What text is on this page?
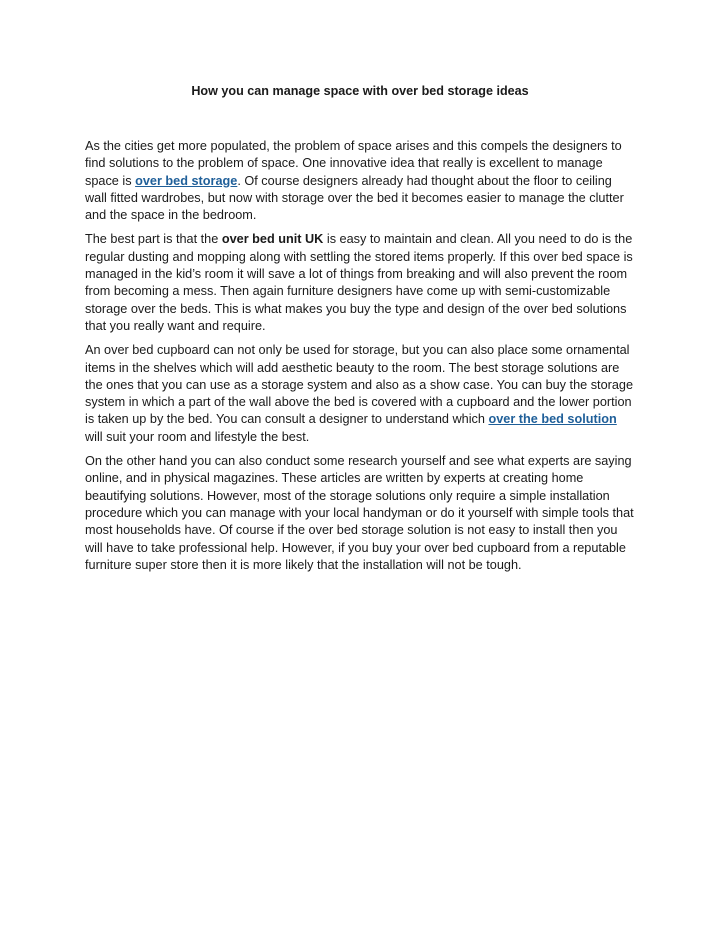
How you can manage space with over bed storage ideas

As the cities get more populated, the problem of space arises and this compels the designers to find solutions to the problem of space. One innovative idea that really is excellent to manage space is over bed storage. Of course designers already had thought about the floor to ceiling wall fitted wardrobes, but now with storage over the bed it becomes easier to manage the clutter and the space in the bedroom.

The best part is that the over bed unit UK is easy to maintain and clean. All you need to do is the regular dusting and mopping along with settling the stored items properly. If this over bed space is managed in the kid’s room it will save a lot of things from breaking and will also prevent the room from becoming a mess. Then again furniture designers have come up with semi-customizable storage over the beds. This is what makes you buy the type and design of the over bed solutions that you really want and require.

An over bed cupboard can not only be used for storage, but you can also place some ornamental items in the shelves which will add aesthetic beauty to the room. The best storage solutions are the ones that you can use as a storage system and also as a show case. You can buy the storage system in which a part of the wall above the bed is covered with a cupboard and the lower portion is taken up by the bed. You can consult a designer to understand which over the bed solution will suit your room and lifestyle the best.

On the other hand you can also conduct some research yourself and see what experts are saying online, and in physical magazines. These articles are written by experts at creating home beautifying solutions. However, most of the storage solutions only require a simple installation procedure which you can manage with your local handyman or do it yourself with simple tools that most households have. Of course if the over bed storage solution is not easy to install then you will have to take professional help. However, if you buy your over bed cupboard from a reputable furniture super store then it is more likely that the installation will not be tough.
